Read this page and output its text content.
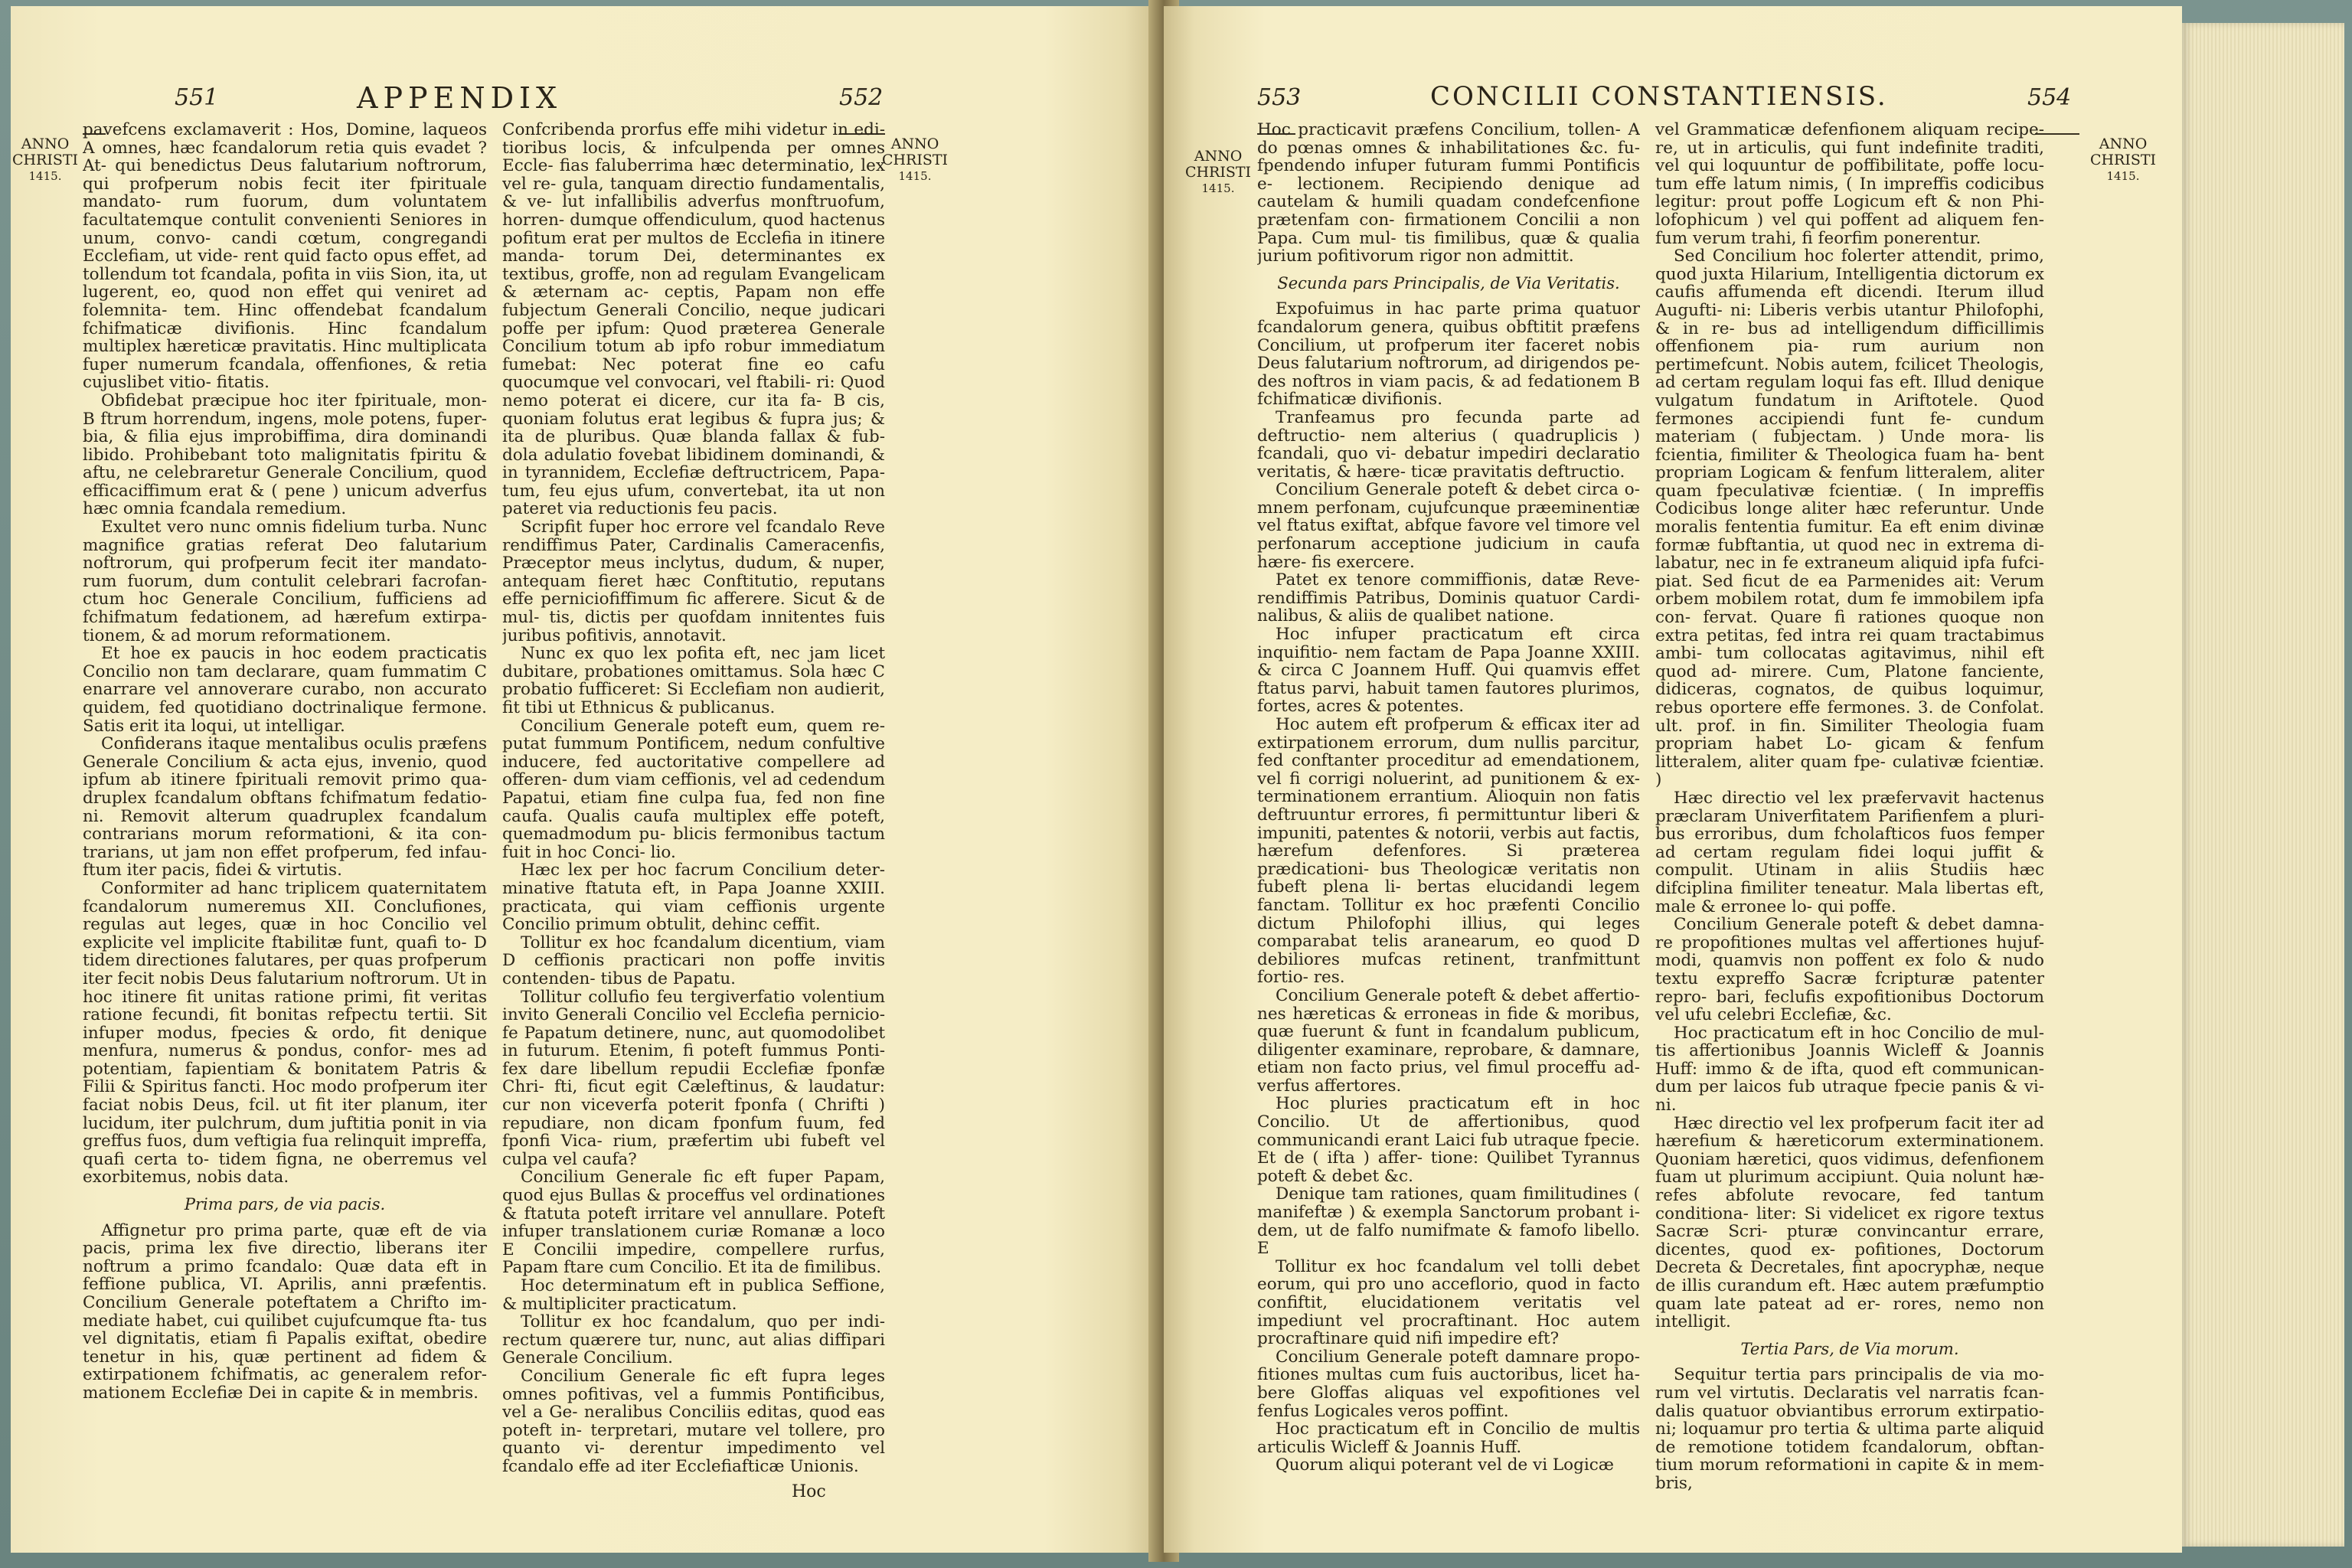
551	APPENDIX	552
ANNO
CHRISTI
1415.
ANNO
CHRISTI
1415.

pavefcens exclamaverit : Hos, Domine, laqueos A omnes, hæc fcandalorum retia quis evadet ? At- qui benedictus Deus falutarium noftrorum, qui profperum nobis fecit iter fpirituale mandato- rum fuorum, dum voluntatem facultatemque contulit convenienti Seniores in unum, convo- candi cœtum, congregandi Ecclefiam, ut vide- rent quid facto opus effet, ad tollendum tot fcandala, pofita in viis Sion, ita, ut lugerent, eo, quod non effet qui veniret ad folemnita- tem. Hinc offendebat fcandalum fchifmaticæ divifionis. Hinc fcandalum multiplex hæreticæ pravitatis. Hinc multiplicata fuper numerum fcandala, offenfiones, & retia cujuslibet vitio- fitatis.

Obfidebat præcipue hoc iter fpirituale, mon- B ftrum horrendum, ingens, mole potens, fuper- bia, & filia ejus improbiffima, dira dominandi libido. Prohibebant toto malignitatis fpiritu & aftu, ne celebraretur Generale Concilium, quod efficaciffimum erat & ( pene ) unicum adverfus hæc omnia fcandala remedium.

Exultet vero nunc omnis fidelium turba. Nunc magnifice gratias referat Deo falutarium noftrorum, qui profperum fecit iter mandato- rum fuorum, dum contulit celebrari facrofan- ctum hoc Generale Concilium, fufficiens ad fchifmatum fedationem, ad hærefum extirpa- tionem, & ad morum reformationem.

Et hoe ex paucis in hoc eodem practicatis Concilio non tam declarare, quam fummatim C enarrare vel annoverare curabo, non accurato quidem, fed quotidiano doctrinalique fermone. Satis erit ita loqui, ut intelligar.

Confiderans itaque mentalibus oculis præfens Generale Concilium & acta ejus, invenio, quod ipfum ab itinere fpirituali removit primo qua- druplex fcandalum obftans fchifmatum fedatio- ni. Removit alterum quadruplex fcandalum contrarians morum reformationi, & ita con- trarians, ut jam non effet profperum, fed infau- ftum iter pacis, fidei & virtutis.

Conformiter ad hanc triplicem quaternitatem fcandalorum numeremus XII. Conclufiones, regulas aut leges, quæ in hoc Concilio vel explicite vel implicite ftabilitæ funt, quafi to- D tidem directiones falutares, per quas profperum iter fecit nobis Deus falutarium noftrorum. Ut in hoc itinere fit unitas ratione primi, fit veritas ratione fecundi, fit bonitas refpectu tertii. Sit infuper modus, fpecies & ordo, fit denique menfura, numerus & pondus, confor- mes ad potentiam, fapientiam & bonitatem Patris & Filii & Spiritus fancti. Hoc modo profperum iter faciat nobis Deus, fcil. ut fit iter planum, iter lucidum, iter pulchrum, dum juftitia ponit in via greffus fuos, dum veftigia fua relinquit impreffa, quafi certa to- tidem figna, ne oberremus vel exorbitemus, nobis data.

Prima pars, de via pacis.

Affignetur pro prima parte, quæ eft de via pacis, prima lex five directio, liberans iter noftrum a primo fcandalo: Quæ data eft in feffione publica, VI. Aprilis, anni præfentis. Concilium Generale poteftatem a Chrifto im- mediate habet, cui quilibet cujufcumque fta- tus vel dignitatis, etiam fi Papalis exiftat, obedire tenetur in his, quæ pertinent ad fidem & extirpationem fchifmatis, ac generalem refor- mationem Ecclefiæ Dei in capite & in membris.

Confcribenda prorfus effe mihi videtur in edi- tioribus locis, & infculpenda per omnes Eccle- fias faluberrima hæc determinatio, lex vel re- gula, tanquam directio fundamentalis, & ve- lut infallibilis adverfus monftruofum, horren- dumque offendiculum, quod hactenus pofitum erat per multos de Ecclefia in itinere manda- torum Dei, determinantes ex textibus, groffe, non ad regulam Evangelicam & æternam ac- ceptis, Papam non effe fubjectum Generali Concilio, neque judicari poffe per ipfum: Quod præterea Generale Concilium totum ab ipfo robur immediatum fumebat: Nec poterat fine eo cafu quocumque vel convocari, vel ftabili- ri: Quod nemo poterat ei dicere, cur ita fa- B cis, quoniam folutus erat legibus & fupra jus; & ita de pluribus. Quæ blanda fallax & fub- dola adulatio fovebat libidinem dominandi, & in tyrannidem, Ecclefiæ deftructricem, Papa- tum, feu ejus ufum, convertebat, ita ut non pateret via reductionis feu pacis.

Scripfit fuper hoc errore vel fcandalo Reve rendiffimus Pater, Cardinalis Cameracenfis, Præceptor meus inclytus, dudum, & nuper, antequam fieret hæc Conftitutio, reputans effe perniciofiffimum fic afferere. Sicut & de mul- tis, dictis per quofdam innitentes fuis juribus pofitivis, annotavit.

Nunc ex quo lex pofita eft, nec jam licet dubitare, probationes omittamus. Sola hæc C probatio fufficeret: Si Ecclefiam non audierit, fit tibi ut Ethnicus & publicanus.

Concilium Generale poteft eum, quem re- putat fummum Pontificem, nedum confultive inducere, fed auctoritative compellere ad offeren- dum viam ceffionis, vel ad cedendum Papatui, etiam fine culpa fua, fed non fine caufa. Qualis caufa multiplex effe poteft, quemadmodum pu- blicis fermonibus tactum fuit in hoc Conci- lio.

Hæc lex per hoc facrum Concilium deter- minative ftatuta eft, in Papa Joanne XXIII. practicata, qui viam ceffionis urgente Concilio primum obtulit, dehinc ceffit.

Tollitur ex hoc fcandalum dicentium, viam D ceffionis practicari non poffe invitis contenden- tibus de Papatu.

Tollitur collufio feu tergiverfatio volentium invito Generali Concilio vel Ecclefia pernicio- fe Papatum detinere, nunc, aut quomodolibet in futurum. Etenim, fi poteft fummus Ponti- fex dare libellum repudii Ecclefiæ fponfæ Chri- fti, ficut egit Cæleftinus, & laudatur: cur non viceverfa poterit fponfa ( Chrifti ) repudiare, non dicam fponfum fuum, fed fponfi Vica- rium, præfertim ubi fubeft vel culpa vel caufa?

Concilium Generale fic eft fuper Papam, quod ejus Bullas & proceffus vel ordinationes & ftatuta poteft irritare vel annullare. Poteft infuper translationem curiæ Romanæ a loco E Concilii impedire, compellere rurfus, Papam ftare cum Concilio. Et ita de fimilibus.

Hoc determinatum eft in publica Seffione, & multipliciter practicatum.

Tollitur ex hoc fcandalum, quo per indi- rectum quærere tur, nunc, aut alias diffipari Generale Concilium.

Concilium Generale fic eft fupra leges omnes pofitivas, vel a fummis Pontificibus, vel a Ge- neralibus Conciliis editas, quod eas poteft in- terpretari, mutare vel tollere, pro quanto vi- derentur impedimento vel fcandalo effe ad iter Ecclefiafticæ Unionis.

Hoc
553	CONCILII CONSTANTIENSIS.	554
ANNO
CHRISTI
1415.
ANNO
CHRISTI
1415.

Hoc practicavit præfens Concilium, tollen- A do pœnas omnes & inhabilitationes &c. fu- fpendendo infuper futuram fummi Pontificis e- lectionem. Recipiendo denique ad cautelam & humili quadam condefcenfione prætenfam con- firmationem Concilii a non Papa. Cum mul- tis fimilibus, quæ & qualia jurium pofitivorum rigor non admittit.

Secunda pars Principalis, de Via Veritatis.

Expofuimus in hac parte prima quatuor fcandalorum genera, quibus obftitit præfens Concilium, ut profperum iter faceret nobis Deus falutarium noftrorum, ad dirigendos pe- des noftros in viam pacis, & ad fedationem B fchifmaticæ divifionis.

Tranfeamus pro fecunda parte ad deftructio- nem alterius ( quadruplicis ) fcandali, quo vi- debatur impediri declaratio veritatis, & hære- ticæ pravitatis deftructio.

Concilium Generale poteft & debet circa o- mnem perfonam, cujufcunque præeminentiæ vel ftatus exiftat, abfque favore vel timore vel perfonarum acceptione judicium in caufa hære- fis exercere.

Patet ex tenore commiffionis, datæ Reve- rendiffimis Patribus, Dominis quatuor Cardi- nalibus, & aliis de qualibet natione.

Hoc infuper practicatum eft circa inquifitio- nem factam de Papa Joanne XXIII. & circa C Joannem Huff. Qui quamvis effet ftatus parvi, habuit tamen fautores plurimos, fortes, acres & potentes.

Hoc autem eft profperum & efficax iter ad extirpationem errorum, dum nullis parcitur, fed conftanter proceditur ad emendationem, vel fi corrigi noluerint, ad punitionem & ex- terminationem errantium. Alioquin non fatis deftruuntur errores, fi permittuntur liberi & impuniti, patentes & notorii, verbis aut factis, hærefum defenfores. Si præterea prædicationi- bus Theologicæ veritatis non fubeft plena li- bertas elucidandi legem fanctam. Tollitur ex hoc præfenti Concilio dictum Philofophi illius, qui leges comparabat telis aranearum, eo quod D debiliores mufcas retinent, tranfmittunt fortio- res.

Concilium Generale poteft & debet affertio- nes hæreticas & erroneas in fide & moribus, quæ fuerunt & funt in fcandalum publicum, diligenter examinare, reprobare, & damnare, etiam non facto prius, vel fimul proceffu ad- verfus affertores.

Hoc pluries practicatum eft in hoc Concilio. Ut de affertionibus, quod communicandi erant Laici fub utraque fpecie. Et de ( ifta ) affer- tione: Quilibet Tyrannus poteft & debet &c.

Denique tam rationes, quam fimilitudines ( manifeftæ ) & exempla Sanctorum probant i- dem, ut de falfo numifmate & famofo libello. E

Tollitur ex hoc fcandalum vel tolli debet eorum, qui pro uno acceflorio, quod in facto confiftit, elucidationem veritatis vel impediunt vel procraftinant. Hoc autem procraftinare quid nifi impedire eft?

Concilium Generale poteft damnare propo- fitiones multas cum fuis auctoribus, licet ha- bere Gloffas aliquas vel expofitiones vel fenfus Logicales veros poffint.

Hoc practicatum eft in Concilio de multis articulis Wicleff & Joannis Huff.

Quorum aliqui poterant vel de vi Logicæ

vel Grammaticæ defenfionem aliquam recipe- re, ut in articulis, qui funt indefinite traditi, vel qui loquuntur de poffibilitate, poffe locu- tum effe latum nimis, ( In impreffis codicibus legitur: prout poffe Logicum eft & non Phi- lofophicum ) vel qui poffent ad aliquem fen- fum verum trahi, fi feorfim ponerentur.

Sed Concilium hoc folerter attendit, primo, quod juxta Hilarium, Intelligentia dictorum ex caufis affumenda eft dicendi. Iterum illud Augufti- ni: Liberis verbis utantur Philofophi, & in re- bus ad intelligendum difficillimis offenfionem pia- rum aurium non pertimefcunt. Nobis autem, fcilicet Theologis, ad certam regulam loqui fas eft. Illud denique vulgatum fundatum in Ariftotele. Quod fermones accipiendi funt fe- cundum materiam ( fubjectam. ) Unde mora- lis fcientia, fimiliter & Theologica fuam ha- bent propriam Logicam & fenfum litteralem, aliter quam fpeculativæ fcientiæ. ( In impreffis Codicibus longe aliter hæc referuntur. Unde moralis fententia fumitur. Ea eft enim divinæ formæ fubftantia, ut quod nec in extrema di- labatur, nec in fe extraneum aliquid ipfa fufci- piat. Sed ficut de ea Parmenides ait: Verum orbem mobilem rotat, dum fe immobilem ipfa con- fervat. Quare fi rationes quoque non extra petitas, fed intra rei quam tractabimus ambi- tum collocatas agitavimus, nihil eft quod ad- mirere. Cum, Platone fanciente, didiceras, cognatos, de quibus loquimur, rebus oportere effe fermones. 3. de Confolat. ult. prof. in fin. Similiter Theologia fuam propriam habet Lo- gicam & fenfum litteralem, aliter quam fpe- culativæ fcientiæ. )

Hæc directio vel lex præfervavit hactenus præclaram Univerfitatem Parifienfem a pluri- bus erroribus, dum fcholafticos fuos femper ad certam regulam fidei loqui juffit & compulit. Utinam in aliis Studiis hæc difciplina fimiliter teneatur. Mala libertas eft, male & erronee lo- qui poffe.

Concilium Generale poteft & debet damna- re propofitiones multas vel affertiones hujuf- modi, quamvis non poffent ex folo & nudo textu expreffo Sacræ fcripturæ patenter repro- bari, feclufis expofitionibus Doctorum vel ufu celebri Ecclefiæ, &c.

Hoc practicatum eft in hoc Concilio de mul- tis affertionibus Joannis Wicleff & Joannis Huff: immo & de ifta, quod eft communican- dum per laicos fub utraque fpecie panis & vi- ni.

Hæc directio vel lex profperum facit iter ad hærefium & hæreticorum exterminationem. Quoniam hæretici, quos vidimus, defenfionem fuam ut plurimum accipiunt. Quia nolunt hæ- refes abfolute revocare, fed tantum conditiona- liter: Si videlicet ex rigore textus Sacræ Scri- pturæ convincantur errare, dicentes, quod ex- pofitiones, Doctorum Decreta & Decretales, fint apocryphæ, neque de illis curandum eft. Hæc autem præfumptio quam late pateat ad er- rores, nemo non intelligit.

Tertia Pars, de Via morum.

Sequitur tertia pars principalis de via mo- rum vel virtutis. Declaratis vel narratis fcan- dalis quatuor obviantibus errorum extirpatio- ni; loquamur pro tertia & ultima parte aliquid de remotione totidem fcandalorum, obftan- tium morum reformationi in capite & in mem- bris,
